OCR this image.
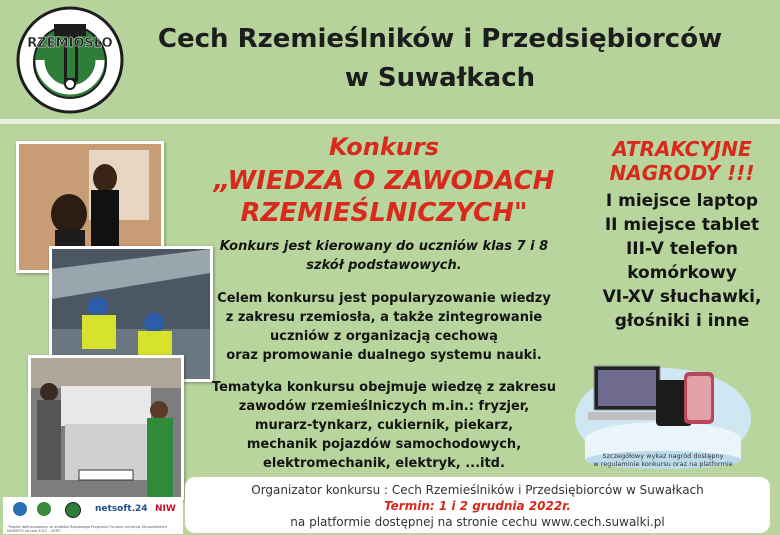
RZEMIOSŁO	Cech Rzemieślników i Przedsiębiorców
w Suwałkach
Konkurs
„WIEDZA O ZAWODACH
RZEMIEŚLNICZYCH"
Konkurs jest kierowany do uczniów klas 7 i 8
szkół podstawowych.
Celem konkursu jest popularyzowanie wiedzy
z zakresu rzemiosła, a także zintegrowanie
uczniów z organizacją cechową
oraz promowanie dualnego systemu nauki.
Tematyka konkursu obejmuje wiedzę z zakresu
zawodów rzemieślniczych m.in.: fryzjer,
murarz-tynkarz, cukiernik, piekarz,
mechanik pojazdów samochodowych,
elektromechanik, elektryk, ...itd.
ATRAKCYJNE
NAGRODY !!!
I miejsce laptop
II miejsce tablet
III-V telefon
komórkowy
VI-XV słuchawki,
głośniki i inne
Szczegółowy wykaz nagród dostępny
w regulaminie konkursu oraz na platformie
Organizator konkursu : Cech Rzemieślników i Przedsiębiorców w Suwałkach
Termin: 1 i 2 grudnia 2022r.
na platformie dostępnej na stronie cechu www.cech.suwalki.pl
netsoft.24 NIW
"Projekt dofinansowany ze środków Rządowego Programu Fundusz Inicjatyw Obywatelskich NOWEFIO na lata 2021 - 2030"
